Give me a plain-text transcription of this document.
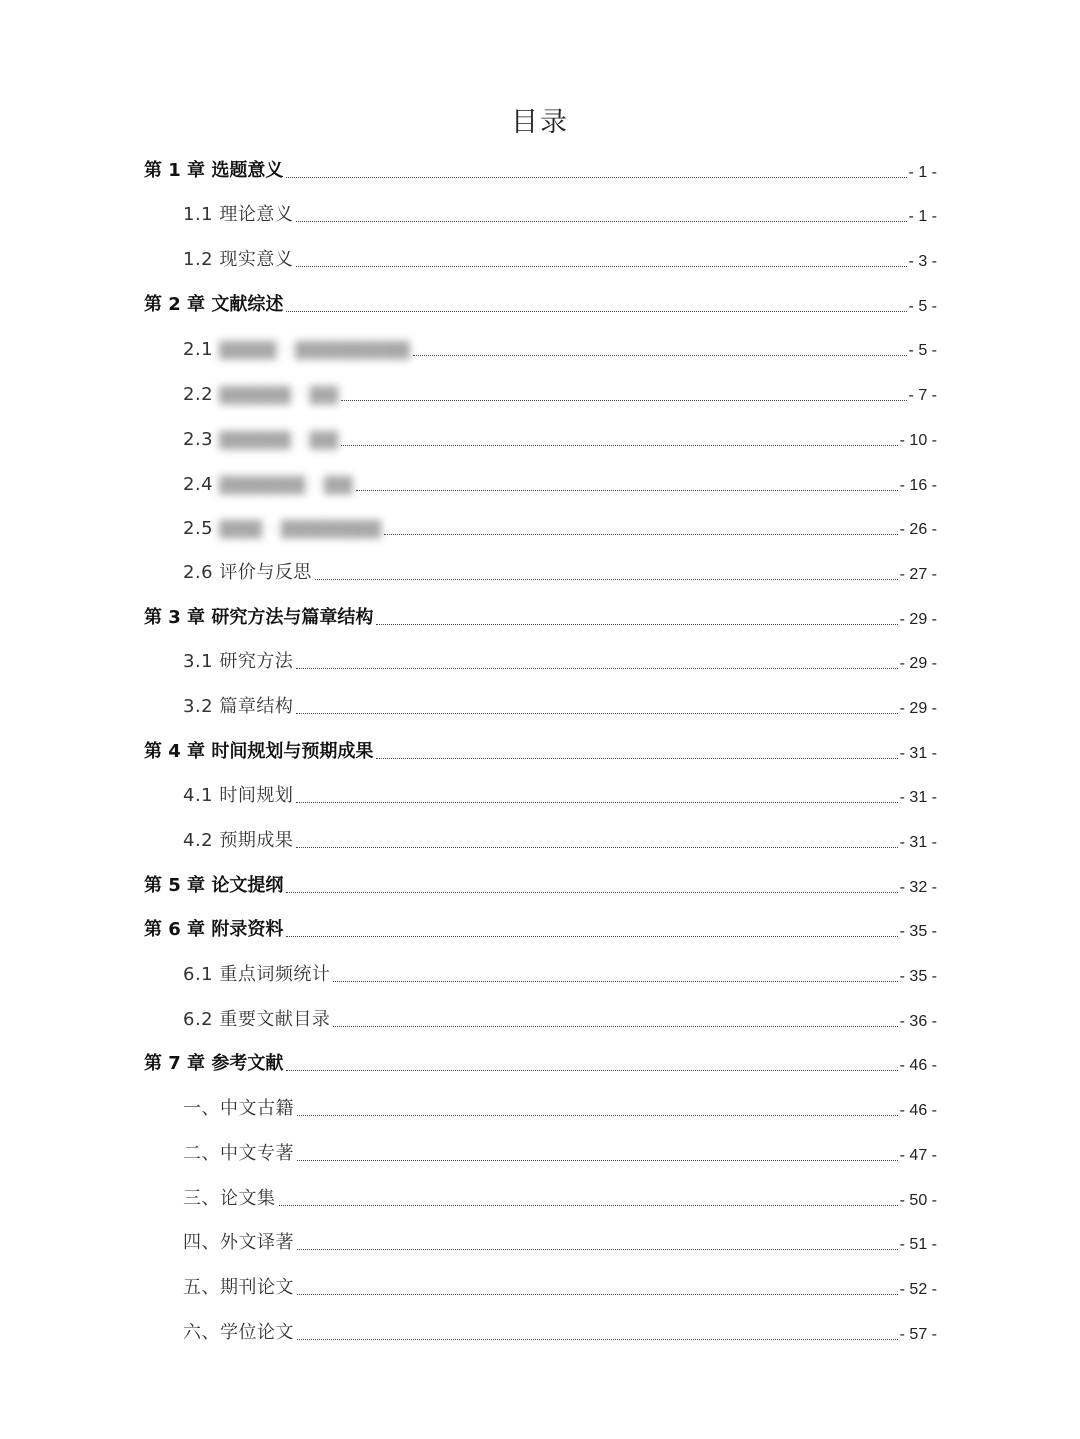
目录
第 1 章 选题意义	- 1 -
1.1 理论意义	- 1 -
1.2 现实意义	- 3 -
第 2 章 文献综述	- 5 -
2.1 ▇▇▇▇ · ▇▇▇▇▇▇▇▇	- 5 -
2.2 ▇▇▇▇▇ · ▇▇	- 7 -
2.3 ▇▇▇▇▇ · ▇▇	- 10 -
2.4 ▇▇▇▇▇▇ · ▇▇	- 16 -
2.5 ▇▇▇ · ▇▇▇▇▇▇▇	- 26 -
2.6 评价与反思	- 27 -
第 3 章 研究方法与篇章结构	- 29 -
3.1 研究方法	- 29 -
3.2 篇章结构	- 29 -
第 4 章 时间规划与预期成果	- 31 -
4.1 时间规划	- 31 -
4.2 预期成果	- 31 -
第 5 章 论文提纲	- 32 -
第 6 章 附录资料	- 35 -
6.1 重点词频统计	- 35 -
6.2 重要文献目录	- 36 -
第 7 章 参考文献	- 46 -
一、中文古籍	- 46 -
二、中文专著	- 47 -
三、论文集	- 50 -
四、外文译著	- 51 -
五、期刊论文	- 52 -
六、学位论文	- 57 -
